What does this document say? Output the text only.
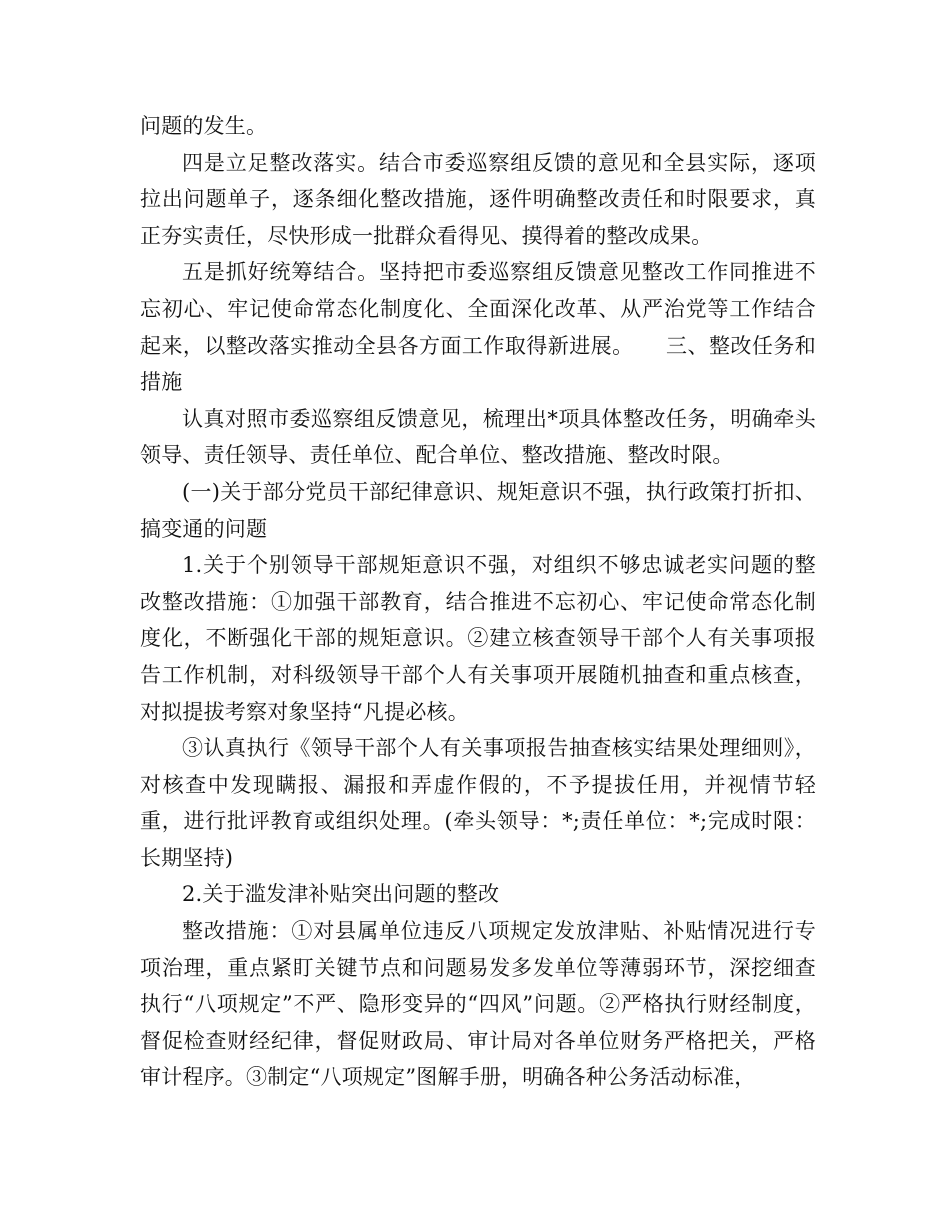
问题的发生。

四是立足整改落实。结合市委巡察组反馈的意见和全县实际，逐项拉出问题单子，逐条细化整改措施，逐件明确整改责任和时限要求，真正夯实责任，尽快形成一批群众看得见、摸得着的整改成果。

五是抓好统筹结合。坚持把市委巡察组反馈意见整改工作同推进不忘初心、牢记使命常态化制度化、全面深化改革、从严治党等工作结合起来，以整改落实推动全县各方面工作取得新进展。　　三、整改任务和措施

认真对照市委巡察组反馈意见，梳理出*项具体整改任务，明确牵头领导、责任领导、责任单位、配合单位、整改措施、整改时限。

(一)关于部分党员干部纪律意识、规矩意识不强，执行政策打折扣、搞变通的问题

1.关于个别领导干部规矩意识不强，对组织不够忠诚老实问题的整改整改措施：①加强干部教育，结合推进不忘初心、牢记使命常态化制度化，不断强化干部的规矩意识。②建立核查领导干部个人有关事项报告工作机制，对科级领导干部个人有关事项开展随机抽查和重点核查，对拟提拔考察对象坚持“凡提必核。

③认真执行《领导干部个人有关事项报告抽查核实结果处理细则》，对核查中发现瞒报、漏报和弄虚作假的，不予提拔任用，并视情节轻重，进行批评教育或组织处理。(牵头领导：*;责任单位：*;完成时限：长期坚持)

2.关于滥发津补贴突出问题的整改

整改措施：①对县属单位违反八项规定发放津贴、补贴情况进行专项治理，重点紧盯关键节点和问题易发多发单位等薄弱环节，深挖细查执行“八项规定”不严、隐形变异的“四风”问题。②严格执行财经制度，督促检查财经纪律，督促财政局、审计局对各单位财务严格把关，严格审计程序。③制定“八项规定”图解手册，明确各种公务活动标准，
